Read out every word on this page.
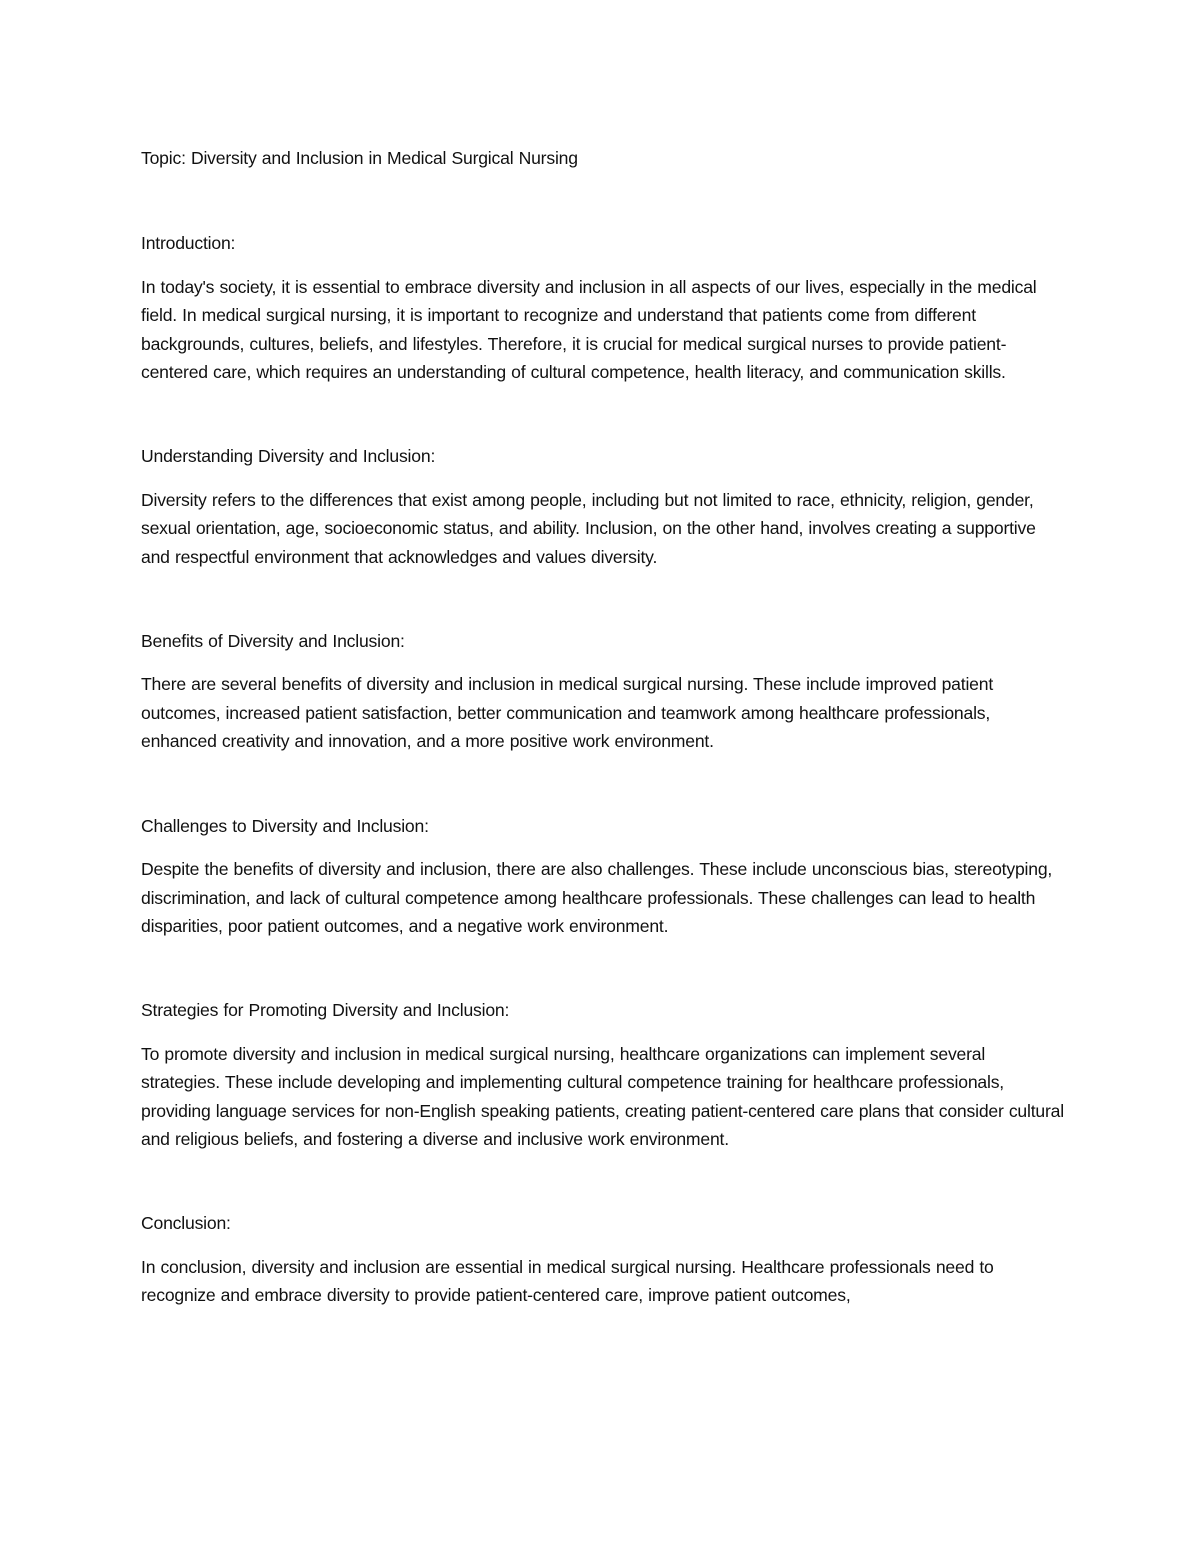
Topic: Diversity and Inclusion in Medical Surgical Nursing

Introduction:

In today's society, it is essential to embrace diversity and inclusion in all aspects of our lives, especially in the medical field. In medical surgical nursing, it is important to recognize and understand that patients come from different backgrounds, cultures, beliefs, and lifestyles. Therefore, it is crucial for medical surgical nurses to provide patient-centered care, which requires an understanding of cultural competence, health literacy, and communication skills.

Understanding Diversity and Inclusion:

Diversity refers to the differences that exist among people, including but not limited to race, ethnicity, religion, gender, sexual orientation, age, socioeconomic status, and ability. Inclusion, on the other hand, involves creating a supportive and respectful environment that acknowledges and values diversity.

Benefits of Diversity and Inclusion:

There are several benefits of diversity and inclusion in medical surgical nursing. These include improved patient outcomes, increased patient satisfaction, better communication and teamwork among healthcare professionals, enhanced creativity and innovation, and a more positive work environment.

Challenges to Diversity and Inclusion:

Despite the benefits of diversity and inclusion, there are also challenges. These include unconscious bias, stereotyping, discrimination, and lack of cultural competence among healthcare professionals. These challenges can lead to health disparities, poor patient outcomes, and a negative work environment.

Strategies for Promoting Diversity and Inclusion:

To promote diversity and inclusion in medical surgical nursing, healthcare organizations can implement several strategies. These include developing and implementing cultural competence training for healthcare professionals, providing language services for non-English speaking patients, creating patient-centered care plans that consider cultural and religious beliefs, and fostering a diverse and inclusive work environment.

Conclusion:

In conclusion, diversity and inclusion are essential in medical surgical nursing. Healthcare professionals need to recognize and embrace diversity to provide patient-centered care, improve patient outcomes,
